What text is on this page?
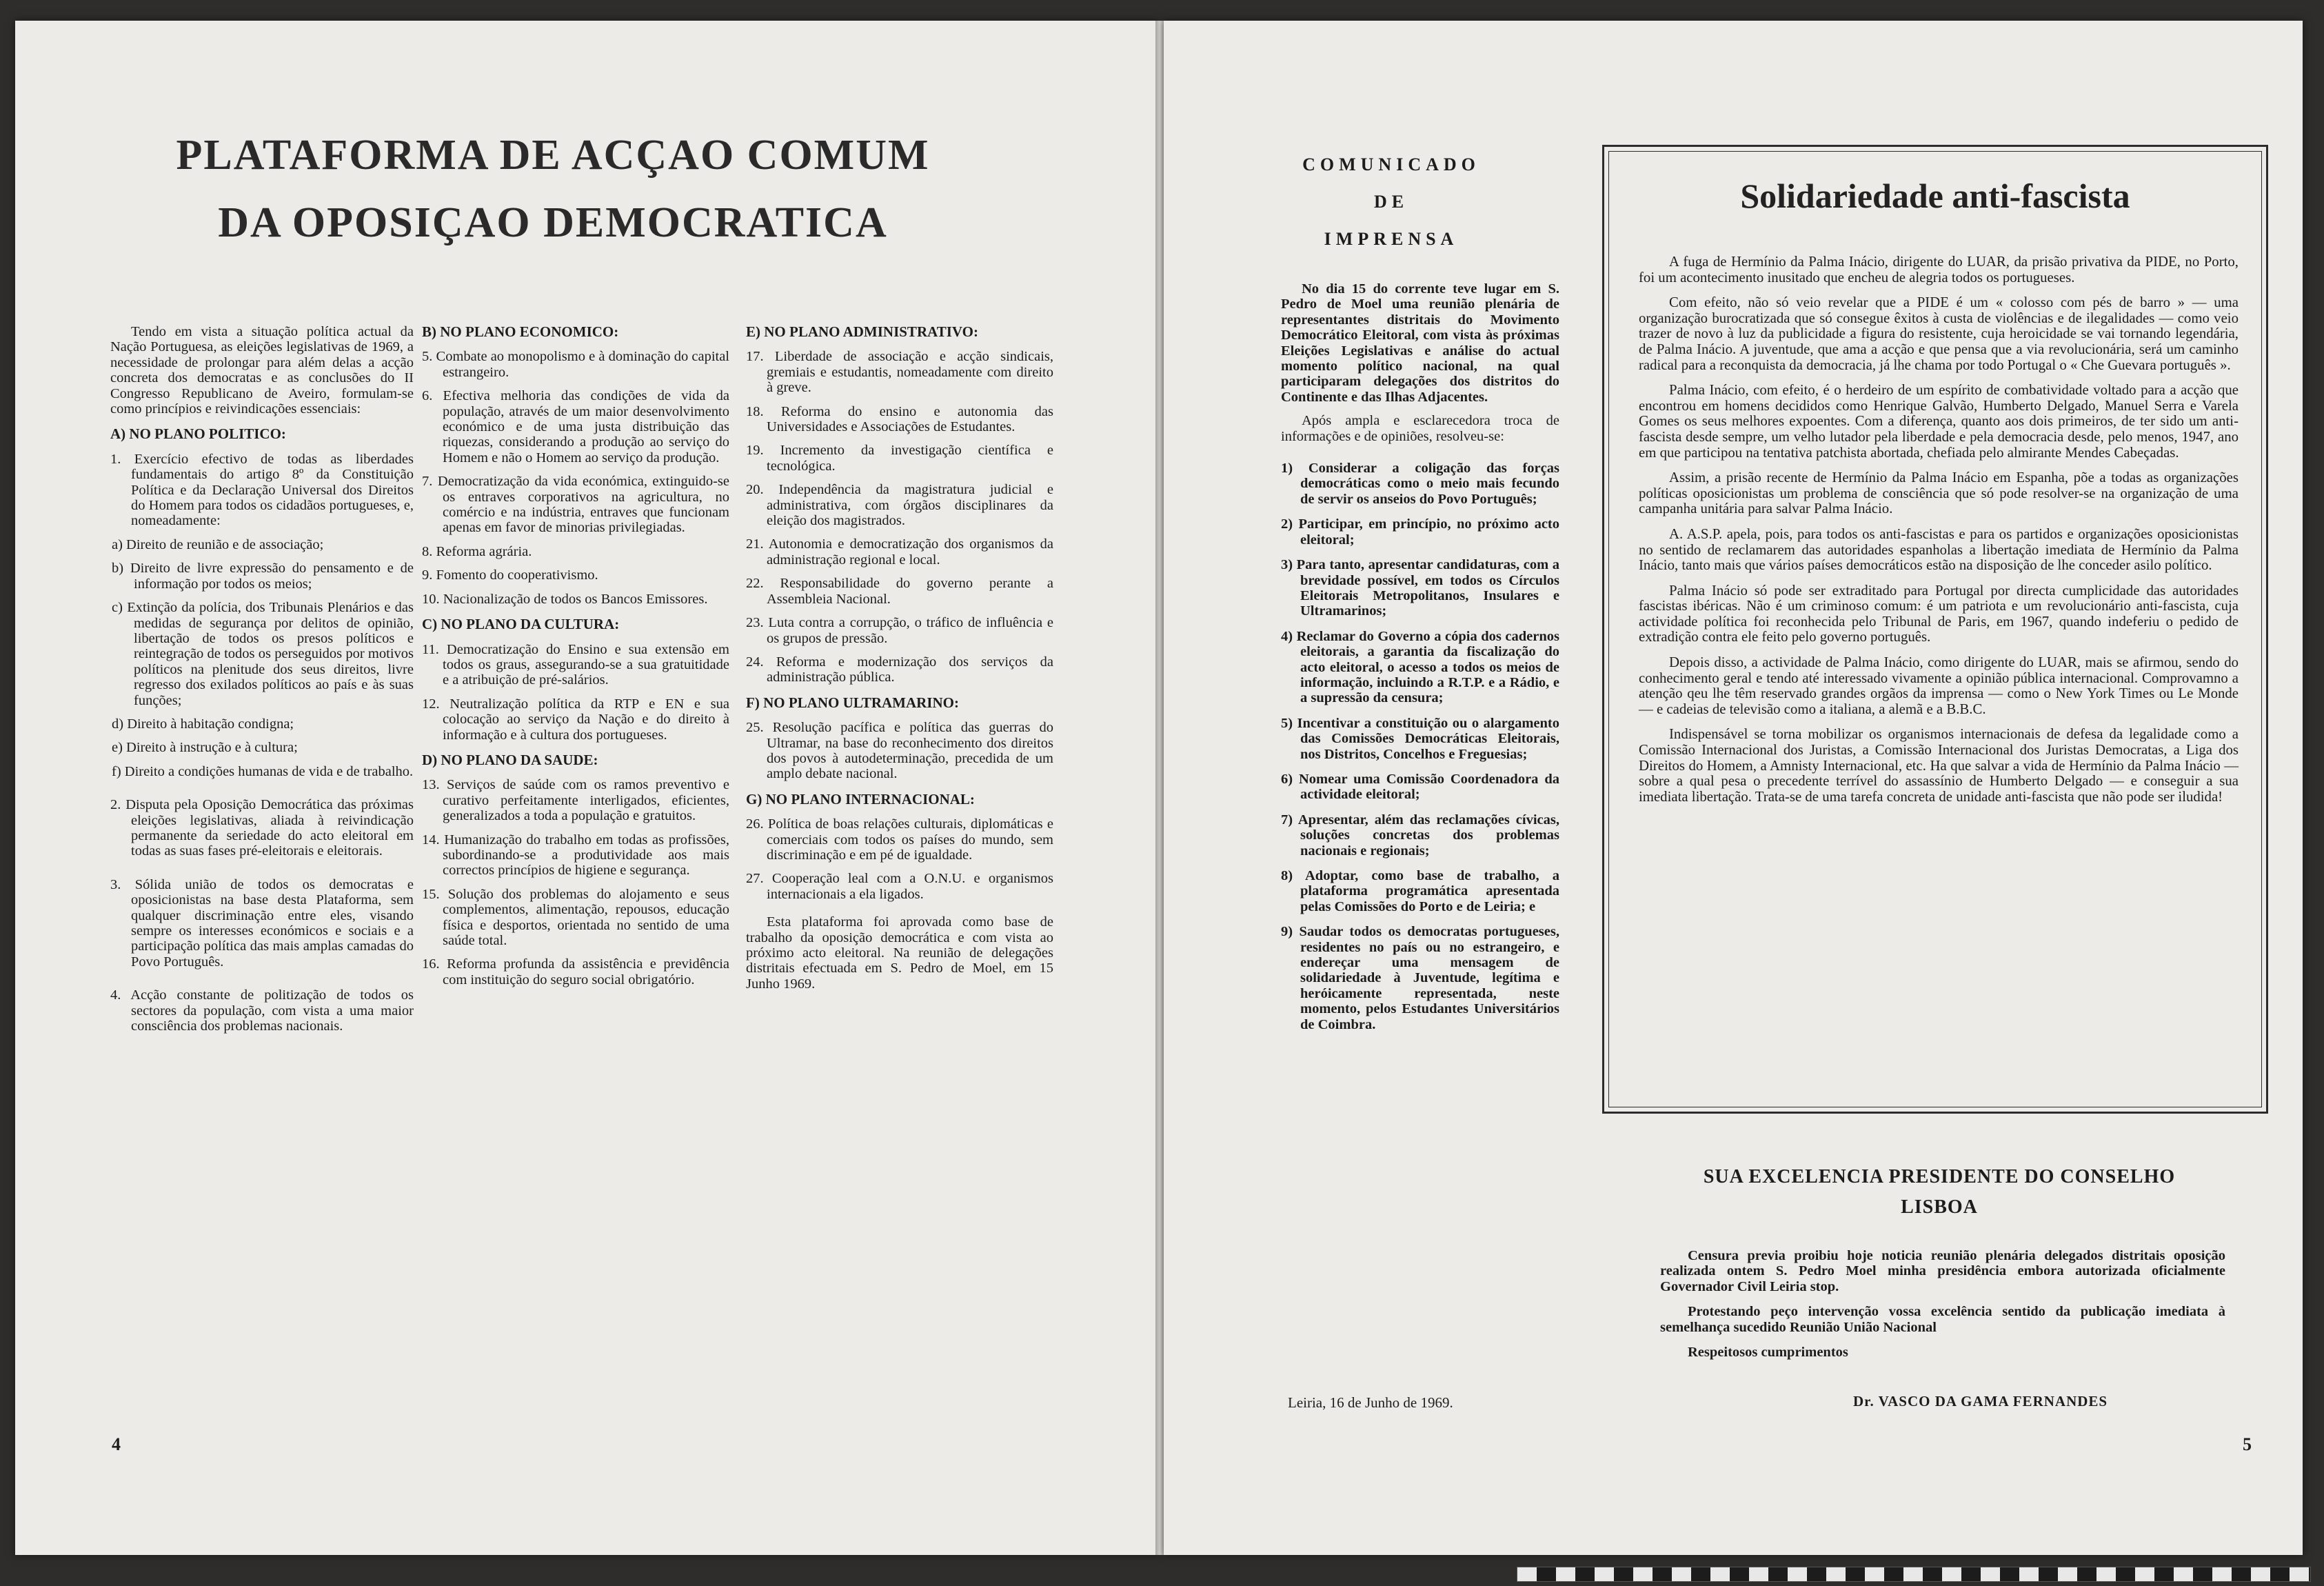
PLATAFORMA DE ACÇAO COMUM
DA OPOSIÇAO DEMOCRATICA

Tendo em vista a situação política actual da Nação Portuguesa, as eleições legislativas de 1969, a necessidade de prolongar para além delas a acção concreta dos democratas e as conclusões do II Congresso Republicano de Aveiro, formulam-se como princípios e reivindicações essenciais:

A) NO PLANO POLITICO:

1. Exercício efectivo de todas as liberdades fundamentais do artigo 8º da Constituição Política e da Declaração Universal dos Direitos do Homem para todos os cidadãos portugueses, e, nomeadamente:

a) Direito de reunião e de associação;

b) Direito de livre expressão do pensamento e de informação por todos os meios;

c) Extinção da polícia, dos Tribunais Plenários e das medidas de segurança por delitos de opinião, libertação de todos os presos políticos e reintegração de todos os perseguidos por motivos políticos na plenitude dos seus direitos, livre regresso dos exilados políticos ao país e às suas funções;

d) Direito à habitação condigna;

e) Direito à instrução e à cultura;

f) Direito a condições humanas de vida e de trabalho.

2. Disputa pela Oposição Democrática das próximas eleições legislativas, aliada à reivindicação permanente da seriedade do acto eleitoral em todas as suas fases pré-eleitorais e eleitorais.

3. Sólida união de todos os democratas e oposicionistas na base desta Plataforma, sem qualquer discriminação entre eles, visando sempre os interesses económicos e sociais e a participação política das mais amplas camadas do Povo Português.

4. Acção constante de politização de todos os sectores da população, com vista a uma maior consciência dos problemas nacionais.

B) NO PLANO ECONOMICO:

5. Combate ao monopolismo e à dominação do capital estrangeiro.

6. Efectiva melhoria das condições de vida da população, através de um maior desenvolvimento económico e de uma justa distribuição das riquezas, considerando a produção ao serviço do Homem e não o Homem ao serviço da produção.

7. Democratização da vida económica, extinguido-se os entraves corporativos na agricultura, no comércio e na indústria, entraves que funcionam apenas em favor de minorias privilegiadas.

8. Reforma agrária.

9. Fomento do cooperativismo.

10. Nacionalização de todos os Bancos Emissores.

C) NO PLANO DA CULTURA:

11. Democratização do Ensino e sua extensão em todos os graus, assegurando-se a sua gratuitidade e a atribuição de pré-salários.

12. Neutralização política da RTP e EN e sua colocação ao serviço da Nação e do direito à informação e à cultura dos portugueses.

D) NO PLANO DA SAUDE:

13. Serviços de saúde com os ramos preventivo e curativo perfeitamente interligados, eficientes, generalizados a toda a população e gratuitos.

14. Humanização do trabalho em todas as profissões, subordinando-se a produtividade aos mais correctos princípios de higiene e segurança.

15. Solução dos problemas do alojamento e seus complementos, alimentação, repousos, educação física e desportos, orientada no sentido de uma saúde total.

16. Reforma profunda da assistência e previdência com instituição do seguro social obrigatório.

E) NO PLANO ADMINISTRATIVO:

17. Liberdade de associação e acção sindicais, gremiais e estudantis, nomeadamente com direito à greve.

18. Reforma do ensino e autonomia das Universidades e Associações de Estudantes.

19. Incremento da investigação científica e tecnológica.

20. Independência da magistratura judicial e administrativa, com órgãos disciplinares da eleição dos magistrados.

21. Autonomia e democratização dos organismos da administração regional e local.

22. Responsabilidade do governo perante a Assembleia Nacional.

23. Luta contra a corrupção, o tráfico de influência e os grupos de pressão.

24. Reforma e modernização dos serviços da administração pública.

F) NO PLANO ULTRAMARINO:

25. Resolução pacífica e política das guerras do Ultramar, na base do reconhecimento dos direitos dos povos à autodeterminação, precedida de um amplo debate nacional.

G) NO PLANO INTERNACIONAL:

26. Política de boas relações culturais, diplomáticas e comerciais com todos os países do mundo, sem discriminação e em pé de igualdade.

27. Cooperação leal com a O.N.U. e organismos internacionais a ela ligados.

Esta plataforma foi aprovada como base de trabalho da oposição democrática e com vista ao próximo acto eleitoral. Na reunião de delegações distritais efectuada em S. Pedro de Moel, em 15 Junho 1969.

4
COMUNICADO
DE
IMPRENSA

No dia 15 do corrente teve lugar em S. Pedro de Moel uma reunião plenária de representantes distritais do Movimento Democrático Eleitoral, com vista às próximas Eleições Legislativas e análise do actual momento político nacional, na qual participaram delegações dos distritos do Continente e das Ilhas Adjacentes.

Após ampla e esclarecedora troca de informações e de opiniões, resolveu-se:

1) Considerar a coligação das forças democráticas como o meio mais fecundo de servir os anseios do Povo Português;

2) Participar, em princípio, no próximo acto eleitoral;

3) Para tanto, apresentar candidaturas, com a brevidade possível, em todos os Círculos Eleitorais Metropolitanos, Insulares e Ultramarinos;

4) Reclamar do Governo a cópia dos cadernos eleitorais, a garantia da fiscalização do acto eleitoral, o acesso a todos os meios de informação, incluindo a R.T.P. e a Rádio, e a supressão da censura;

5) Incentivar a constituição ou o alargamento das Comissões Democráticas Eleitorais, nos Distritos, Concelhos e Freguesias;

6) Nomear uma Comissão Coordenadora da actividade eleitoral;

7) Apresentar, além das reclamações cívicas, soluções concretas dos problemas nacionais e regionais;

8) Adoptar, como base de trabalho, a plataforma programática apresentada pelas Comissões do Porto e de Leiria; e

9) Saudar todos os democratas portugueses, residentes no país ou no estrangeiro, e endereçar uma mensagem de solidariedade à Juventude, legítima e heróicamente representada, neste momento, pelos Estudantes Universitários de Coimbra.

Leiria, 16 de Junho de 1969.
Solidariedade anti-fascista

A fuga de Hermínio da Palma Inácio, dirigente do LUAR, da prisão privativa da PIDE, no Porto, foi um acontecimento inusitado que encheu de alegria todos os portugueses.

Com efeito, não só veio revelar que a PIDE é um « colosso com pés de barro » — uma organização burocratizada que só consegue êxitos à custa de violências e de ilegalidades — como veio trazer de novo à luz da publicidade a figura do resistente, cuja heroicidade se vai tornando legendária, de Palma Inácio. A juventude, que ama a acção e que pensa que a via revolucionária, será um caminho radical para a reconquista da democracia, já lhe chama por todo Portugal o « Che Guevara português ».

Palma Inácio, com efeito, é o herdeiro de um espírito de combatividade voltado para a acção que encontrou em homens decididos como Henrique Galvão, Humberto Delgado, Manuel Serra e Varela Gomes os seus melhores expoentes. Com a diferença, quanto aos dois primeiros, de ter sido um anti-fascista desde sempre, um velho lutador pela liberdade e pela democracia desde, pelo menos, 1947, ano em que participou na tentativa patchista abortada, chefiada pelo almirante Mendes Cabeçadas.

Assim, a prisão recente de Hermínio da Palma Inácio em Espanha, põe a todas as organizações políticas oposicionistas um problema de consciência que só pode resolver-se na organização de uma campanha unitária para salvar Palma Inácio.

A. A.S.P. apela, pois, para todos os anti-fascistas e para os partidos e organizações oposicionistas no sentido de reclamarem das autoridades espanholas a libertação imediata de Hermínio da Palma Inácio, tanto mais que vários países democráticos estão na disposição de lhe conceder asilo político.

Palma Inácio só pode ser extraditado para Portugal por directa cumplicidade das autoridades fascistas ibéricas. Não é um criminoso comum: é um patriota e um revolucionário anti-fascista, cuja actividade política foi reconhecida pelo Tribunal de Paris, em 1967, quando indeferiu o pedido de extradição contra ele feito pelo governo português.

Depois disso, a actividade de Palma Inácio, como dirigente do LUAR, mais se afirmou, sendo do conhecimento geral e tendo até interessado vivamente a opinião pública internacional. Comprovamno a atenção qeu lhe têm reservado grandes orgãos da imprensa — como o New York Times ou Le Monde — e cadeias de televisão como a italiana, a alemã e a B.B.C.

Indispensável se torna mobilizar os organismos internacionais de defesa da legalidade como a Comissão Internacional dos Juristas, a Comissão Internacional dos Juristas Democratas, a Liga dos Direitos do Homem, a Amnisty Internacional, etc. Ha que salvar a vida de Hermínio da Palma Inácio — sobre a qual pesa o precedente terrível do assassínio de Humberto Delgado — e conseguir a sua imediata libertação. Trata-se de uma tarefa concreta de unidade anti-fascista que não pode ser iludida!

SUA EXCELENCIA PRESIDENTE DO CONSELHO
LISBOA

Censura previa proibiu hoje noticia reunião plenária delegados distritais oposição realizada ontem S. Pedro Moel minha presidência embora autorizada oficialmente Governador Civil Leiria stop.

Protestando peço intervenção vossa excelência sentido da publicação imediata à semelhança sucedido Reunião União Nacional

Respeitosos cumprimentos

Dr. VASCO DA GAMA FERNANDES
5
